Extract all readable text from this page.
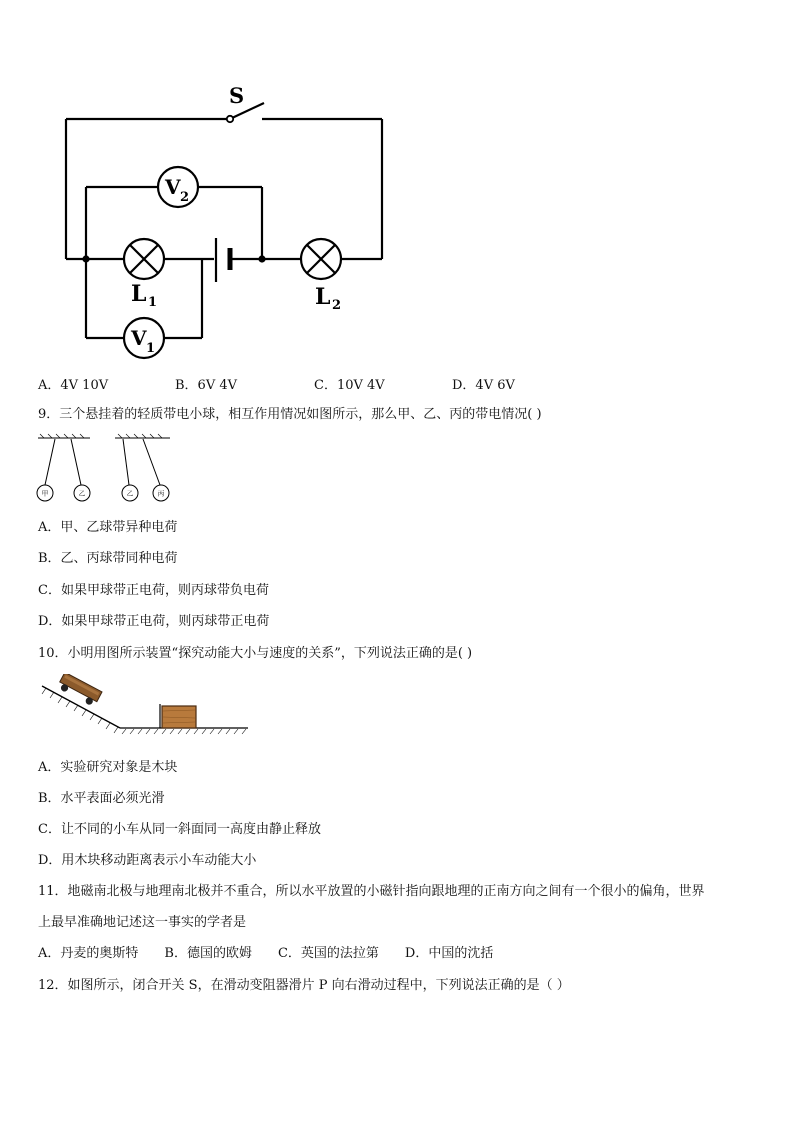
S
V 2
V 1
L 1	L 2
A．4V 10V	B．6V 4V	C．10V 4V	D．4V 6V
9．三个悬挂着的轻质带电小球，相互作用情况如图所示，那么甲、乙、丙的带电情况( )
甲	乙	乙	丙
A．甲、乙球带异种电荷
B．乙、丙球带同种电荷
C．如果甲球带正电荷，则丙球带负电荷
D．如果甲球带正电荷，则丙球带正电荷
10．小明用图所示装置“探究动能大小与速度的关系”，下列说法正确的是( )
A．实验研究对象是木块
B．水平表面必须光滑
C．让不同的小车从同一斜面同一高度由静止释放
D．用木块移动距离表示小车动能大小
11．地磁南北极与地理南北极并不重合，所以水平放置的小磁针指向跟地理的正南方向之间有一个很小的偏角，世界
上最早准确地记述这一事实的学者是
A．丹麦的奥斯特 B．德国的欧姆 C．英国的法拉第 D．中国的沈括
12．如图所示，闭合开关 S，在滑动变阻器滑片 P 向右滑动过程中，下列说法正确的是（ ）
